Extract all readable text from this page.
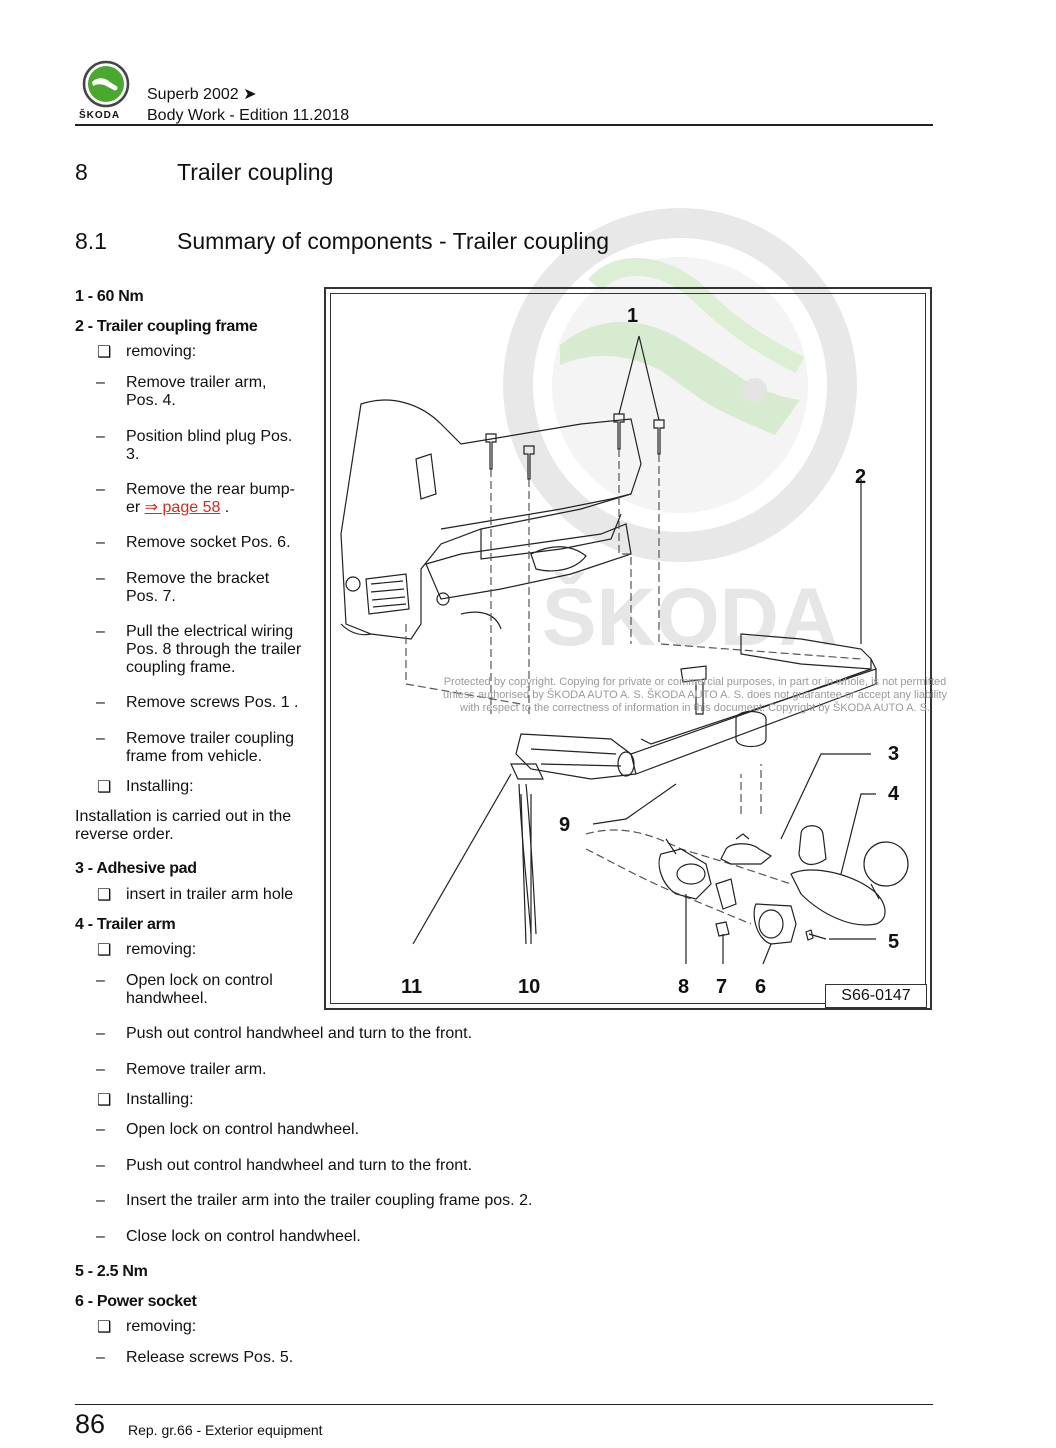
ŠKODA
ŠKODA
Superb 2002 ➤
Body Work - Edition 11.2018
8	Trailer coupling
8.1	Summary of components - Trailer coupling
1 - 60 Nm
2 - Trailer coupling frame
❑ removing:
– Remove trailer arm,
Pos. 4.
– Position blind plug Pos.
3.
– Remove the rear bump-
er ⇒ page 58 .
– Remove socket Pos. 6.
– Remove the bracket
Pos. 7.
– Pull the electrical wiring
Pos. 8 through the trailer
coupling frame.
– Remove screws Pos. 1 .
– Remove trailer coupling
frame from vehicle.
❑ Installing:
Installation is carried out in the
reverse order.
3 - Adhesive pad
❑ insert in trailer arm hole
4 - Trailer arm
❑ removing:
– Open lock on control
handwheel.
– Push out control handwheel and turn to the front.
– Remove trailer arm.
❑ Installing:
– Open lock on control handwheel.
– Push out control handwheel and turn to the front.
– Insert the trailer arm into the trailer coupling frame pos. 2.
– Close lock on control handwheel.
5 - 2.5 Nm
6 - Power socket
❑ removing:
– Release screws Pos. 5.
1
2
3
4
5
6
7
8
9
10
11	S66-0147
Protected by copyright. Copying for private or commercial purposes, in part or in whole, is not permitted
unless authorised by ŠKODA AUTO A. S. ŠKODA AUTO A. S. does not guarantee or accept any liability
with respect to the correctness of information in this document. Copyright by ŠKODA AUTO A. S.
86 Rep. gr.66 - Exterior equipment
